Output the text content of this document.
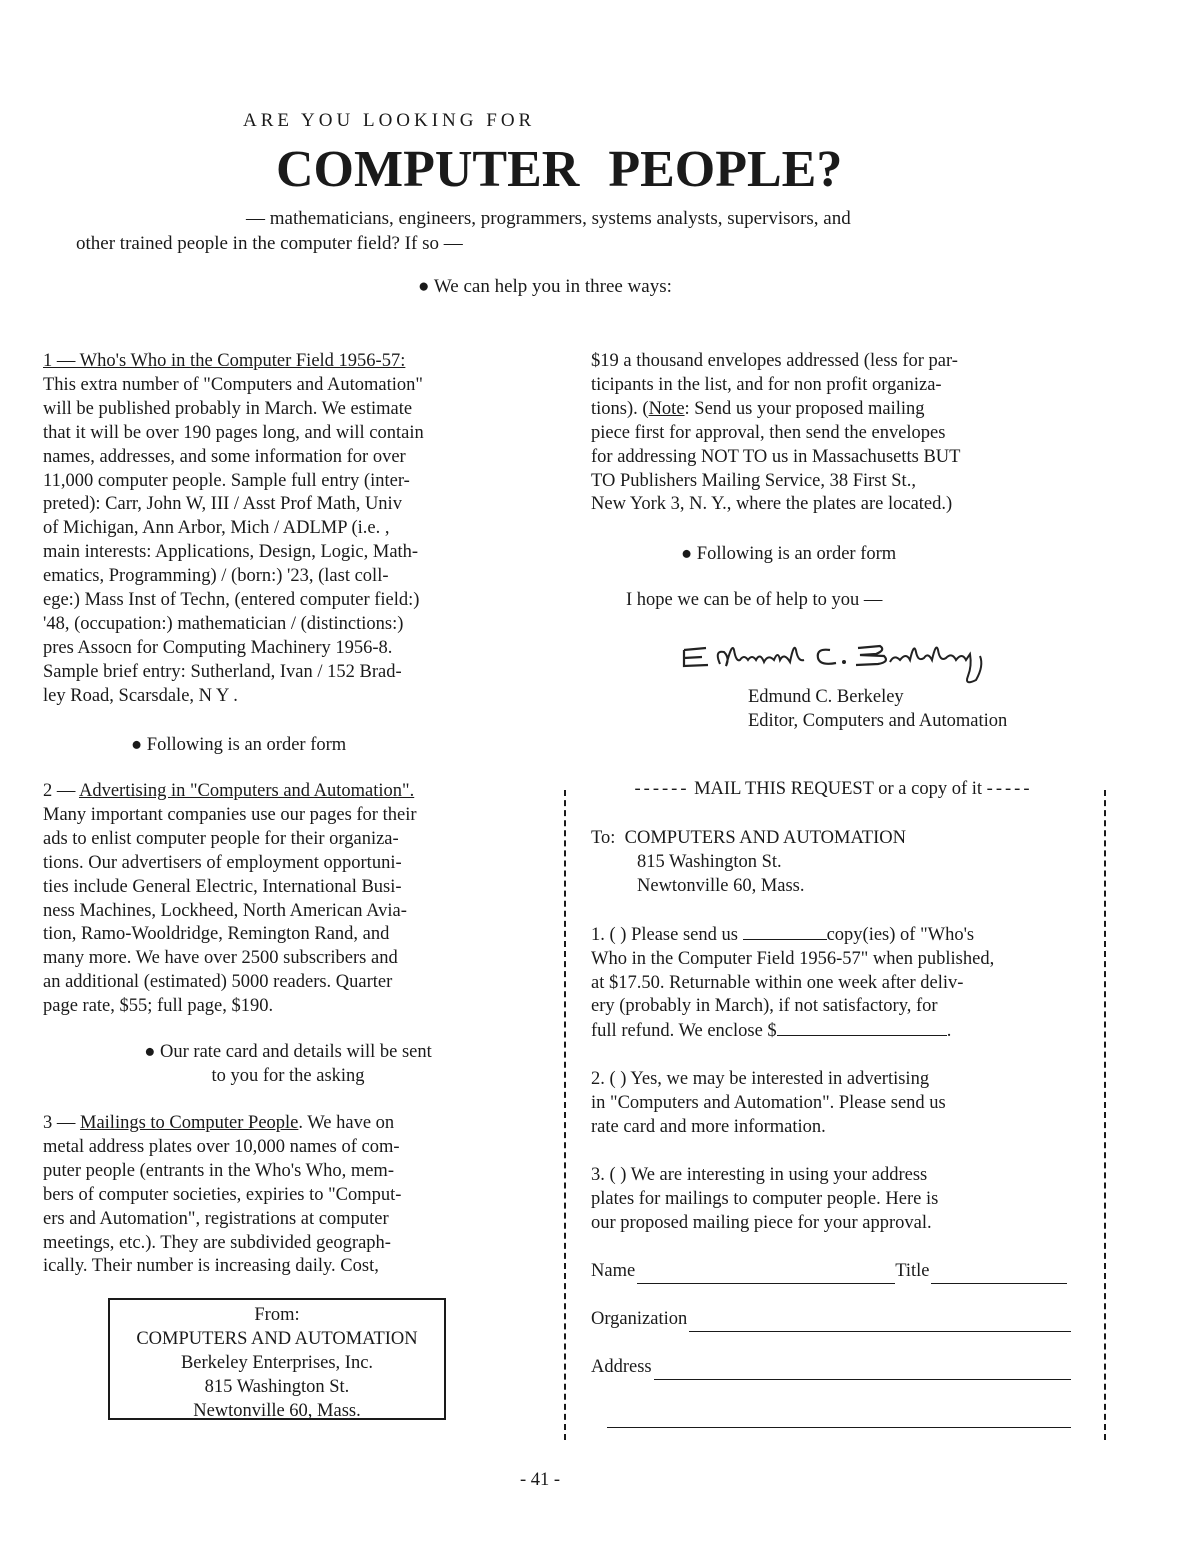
ARE YOU LOOKING FOR
COMPUTER PEOPLE?
— mathematicians, engineers, programmers, systems analysts, supervisors, and
other trained people in the computer field? If so —
● We can help you in three ways:

1 — Who's Who in the Computer Field 1956-57:

This extra number of "Computers and Automation"

will be published probably in March. We estimate

that it will be over 190 pages long, and will contain

names, addresses, and some information for over

11,000 computer people. Sample full entry (inter-

preted): Carr, John W, III / Asst Prof Math, Univ

of Michigan, Ann Arbor, Mich / ADLMP (i.e. ,

main interests: Applications, Design, Logic, Math-

ematics, Programming) / (born:) '23, (last coll-

ege:) Mass Inst of Techn, (entered computer field:)

'48, (occupation:) mathematician / (distinctions:)

pres Assocn for Computing Machinery 1956-8.

Sample brief entry: Sutherland, Ivan / 152 Brad-

ley Road, Scarsdale, N Y .

● Following is an order form

2 — Advertising in "Computers and Automation".

Many important companies use our pages for their

ads to enlist computer people for their organiza-

tions. Our advertisers of employment opportuni-

ties include General Electric, International Busi-

ness Machines, Lockheed, North American Avia-

tion, Ramo-Wooldridge, Remington Rand, and

many more. We have over 2500 subscribers and

an additional (estimated) 5000 readers. Quarter

page rate, $55; full page, $190.

● Our rate card and details will be sent
to you for the asking

3 — Mailings to Computer People. We have on

metal address plates over 10,000 names of com-

puter people (entrants in the Who's Who, mem-

bers of computer societies, expiries to "Comput-

ers and Automation", registrations at computer

meetings, etc.). They are subdivided geograph-

ically. Their number is increasing daily. Cost,

From:
COMPUTERS AND AUTOMATION
Berkeley Enterprises, Inc.
815 Washington St.
Newtonville 60, Mass.

$19 a thousand envelopes addressed (less for par-

ticipants in the list, and for non profit organiza-

tions). (Note: Send us your proposed mailing

piece first for approval, then send the envelopes

for addressing NOT TO us in Massachusetts BUT

TO Publishers Mailing Service, 38 First St.,

New York 3, N. Y., where the plates are located.)

● Following is an order form
I hope we can be of help to you —
Edmund C. Berkeley
Editor, Computers and Automation
------ MAIL THIS REQUEST or a copy of it -----

To: COMPUTERS AND AUTOMATION

815 Washington St.

Newtonville 60, Mass.

1. ( ) Please send us	copy(ies) of "Who's

Who in the Computer Field 1956-57" when published,

at $17.50. Returnable within one week after deliv-

ery (probably in March), if not satisfactory, for

full refund. We enclose $	.

2. ( ) Yes, we may be interested in advertising

in "Computers and Automation". Please send us

rate card and more information.

3. ( ) We are interesting in using your address

plates for mailings to computer people. Here is

our proposed mailing piece for your approval.

Name	Title
Organization
Address
- 41 -
